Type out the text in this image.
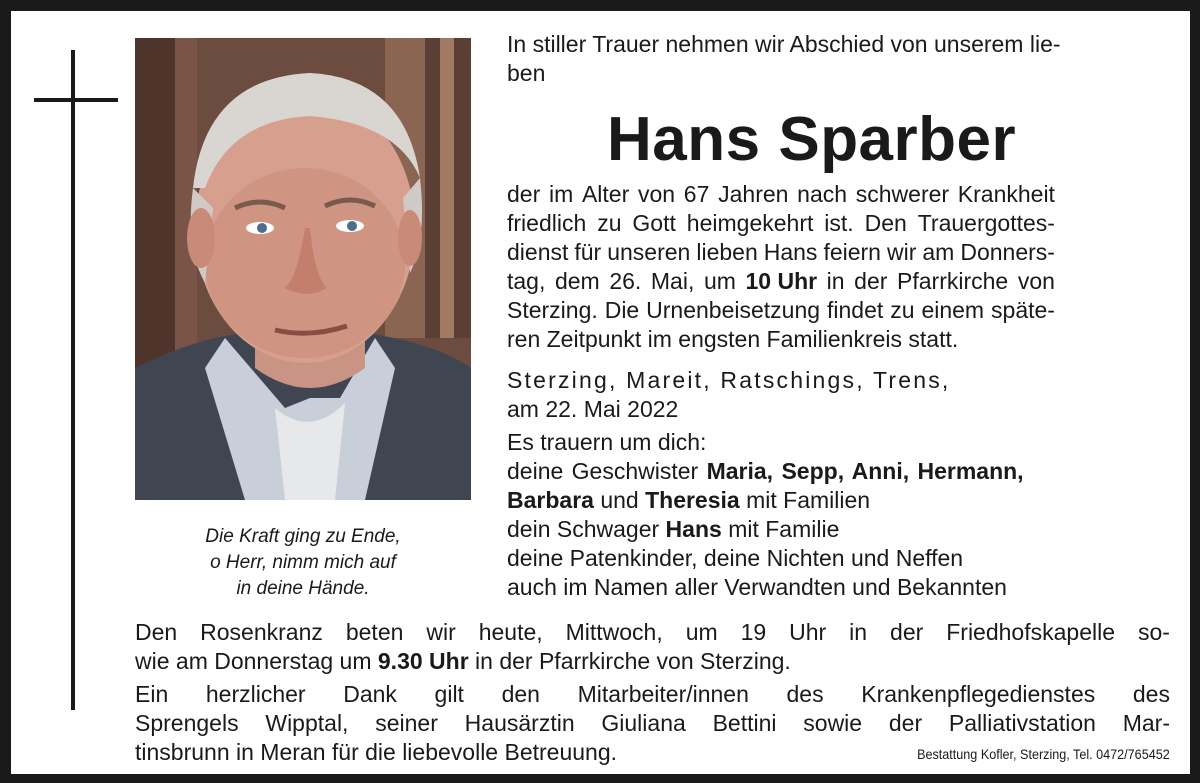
Die Kraft ging zu Ende,
o Herr, nimm mich auf
in deine Hände.
In stiller Trauer nehmen wir Abschied von unserem lie-
ben
Hans Sparber
der im Alter von 67 Jahren nach schwerer Krankheit
friedlich zu Gott heimgekehrt ist. Den Trauergottes-
dienst für unseren lieben Hans feiern wir am Donners-
tag, dem 26. Mai, um 10 Uhr in der Pfarrkirche von
Sterzing. Die Urnenbeisetzung findet zu einem späte-
ren Zeitpunkt im engsten Familienkreis statt.
Sterzing, Mareit, Ratschings, Trens,
am 22. Mai 2022
Es trauern um dich:
deine Geschwister Maria, Sepp, Anni, Hermann,
Barbara und Theresia mit Familien
dein Schwager Hans mit Familie
deine Patenkinder, deine Nichten und Neffen
auch im Namen aller Verwandten und Bekannten
Den Rosenkranz beten wir heute, Mittwoch, um 19 Uhr in der Friedhofskapelle so-
wie am Donnerstag um 9.30 Uhr in der Pfarrkirche von Sterzing.
Ein herzlicher Dank gilt den Mitarbeiter/innen des Krankenpflegedienstes des
Sprengels Wipptal, seiner Hausärztin Giuliana Bettini sowie der Palliativstation Mar-
tinsbrunn in Meran für die liebevolle Betreuung.	Bestattung Kofler, Sterzing, Tel. 0472/765452
